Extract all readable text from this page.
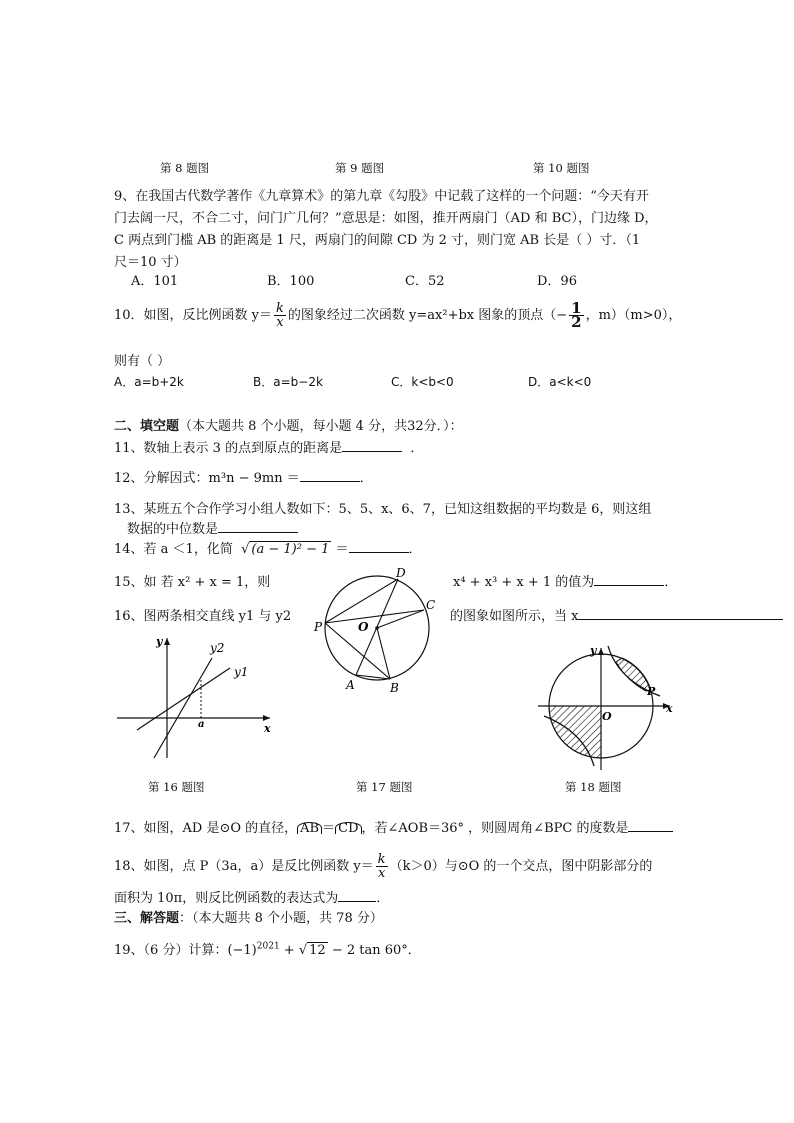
第 8 题图	第 9 题图	第 10 题图
9、在我国古代数学著作《九章算术》的第九章《勾股》中记载了这样的一个问题：“今天有开
门去阔一尺，不合二寸，问门广几何？”意思是：如图，推开两扇门（AD 和 BC），门边缘 D，
C 两点到门槛 AB 的距离是 1 尺，两扇门的间隙 CD 为 2 寸，则门宽 AB 长是（ ）寸．（1
尺＝10 寸）
A．101	B．100	C．52	D．96
10．如图，反比例函数 $y= \frac{k}{x}$ 的图象经过二次函数 y=ax²+bx 图象的顶点（− $\frac{1}{2}$ ，m）（m>0），
则有（ ）
A．a=b+2k	B．a=b−2k	C．k<b<0	D．a<k<0
二、填空题（本大题共 8 个小题，每小题 4 分，共32分．）：
11、数轴上表示 3 的点到原点的距离是	．
12、分解因式：m³n − 9mn ＝	．
13、某班五个合作学习小组人数如下：5、5、x、6、7，已知这组数据的平均数是 6，则这组
数据的中位数是
14、若 a ＜1，化简  √ (a − 1)² − 1 ＝	．
15、如 若 x² + x = 1，则	x⁴ + x³ + x + 1 的值为	．
16、图两条相交直线 y1 与 y2	的图象如图所示，当 x
y
x
a
y2
y1
D
C
P	O
A	B
y
x
O
P
第 16 题图	第 17 题图	第 18 题图
17、如图，AD 是⊙O 的直径， AB ＝ CD ，若∠AOB＝36° ，则圆周角∠BPC 的度数是
18、如图，点 P（3a，a）是反比例函数 $y= \frac{k}{x} (k>0)$与⊙O 的一个交点，图中阴影部分的
面积为 10π，则反比例函数的表达式为	．
三、解答题：（本大题共 8 个小题，共 78 分）
19、（6 分）计算：$(-1)^{2021}$ + √ 12 − 2 tan 60°．
